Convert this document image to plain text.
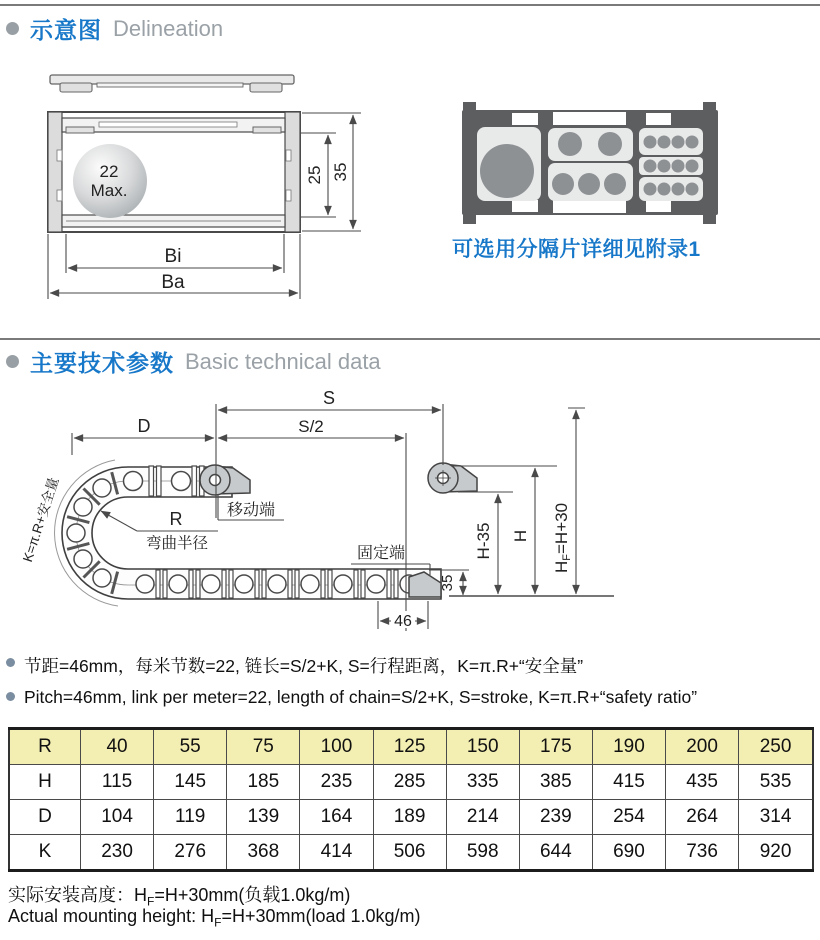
示意图 Delineation
22
Max.
25 35
Bi
Ba
可选用分隔片详细见附录1
主要技术参数 Basic technical data
S
S/2
D
移动端
R
弯曲半径
固定端
K=π.R+安全量	H-35 H
HF=H+30
35
46
节距=46mm，每米节数=22, 链长=S/2+K, S=行程距离，K=π.R+“安全量”
Pitch=46mm, link per meter=22, length of chain=S/2+K, S=stroke, K=π.R+“safety ratio”
R	40	55	75	100	125	150	175	190	200	250
H	115	145	185	235	285	335	385	415	435	535
D	104	119	139	164	189	214	239	254	264	314
K	230	276	368	414	506	598	644	690	736	920
实际安装高度：$H_F=H+30mm$(负载1.0kg/m)
Actual mounting height: $H_F=H+30mm(load$ 1.0kg/m)
